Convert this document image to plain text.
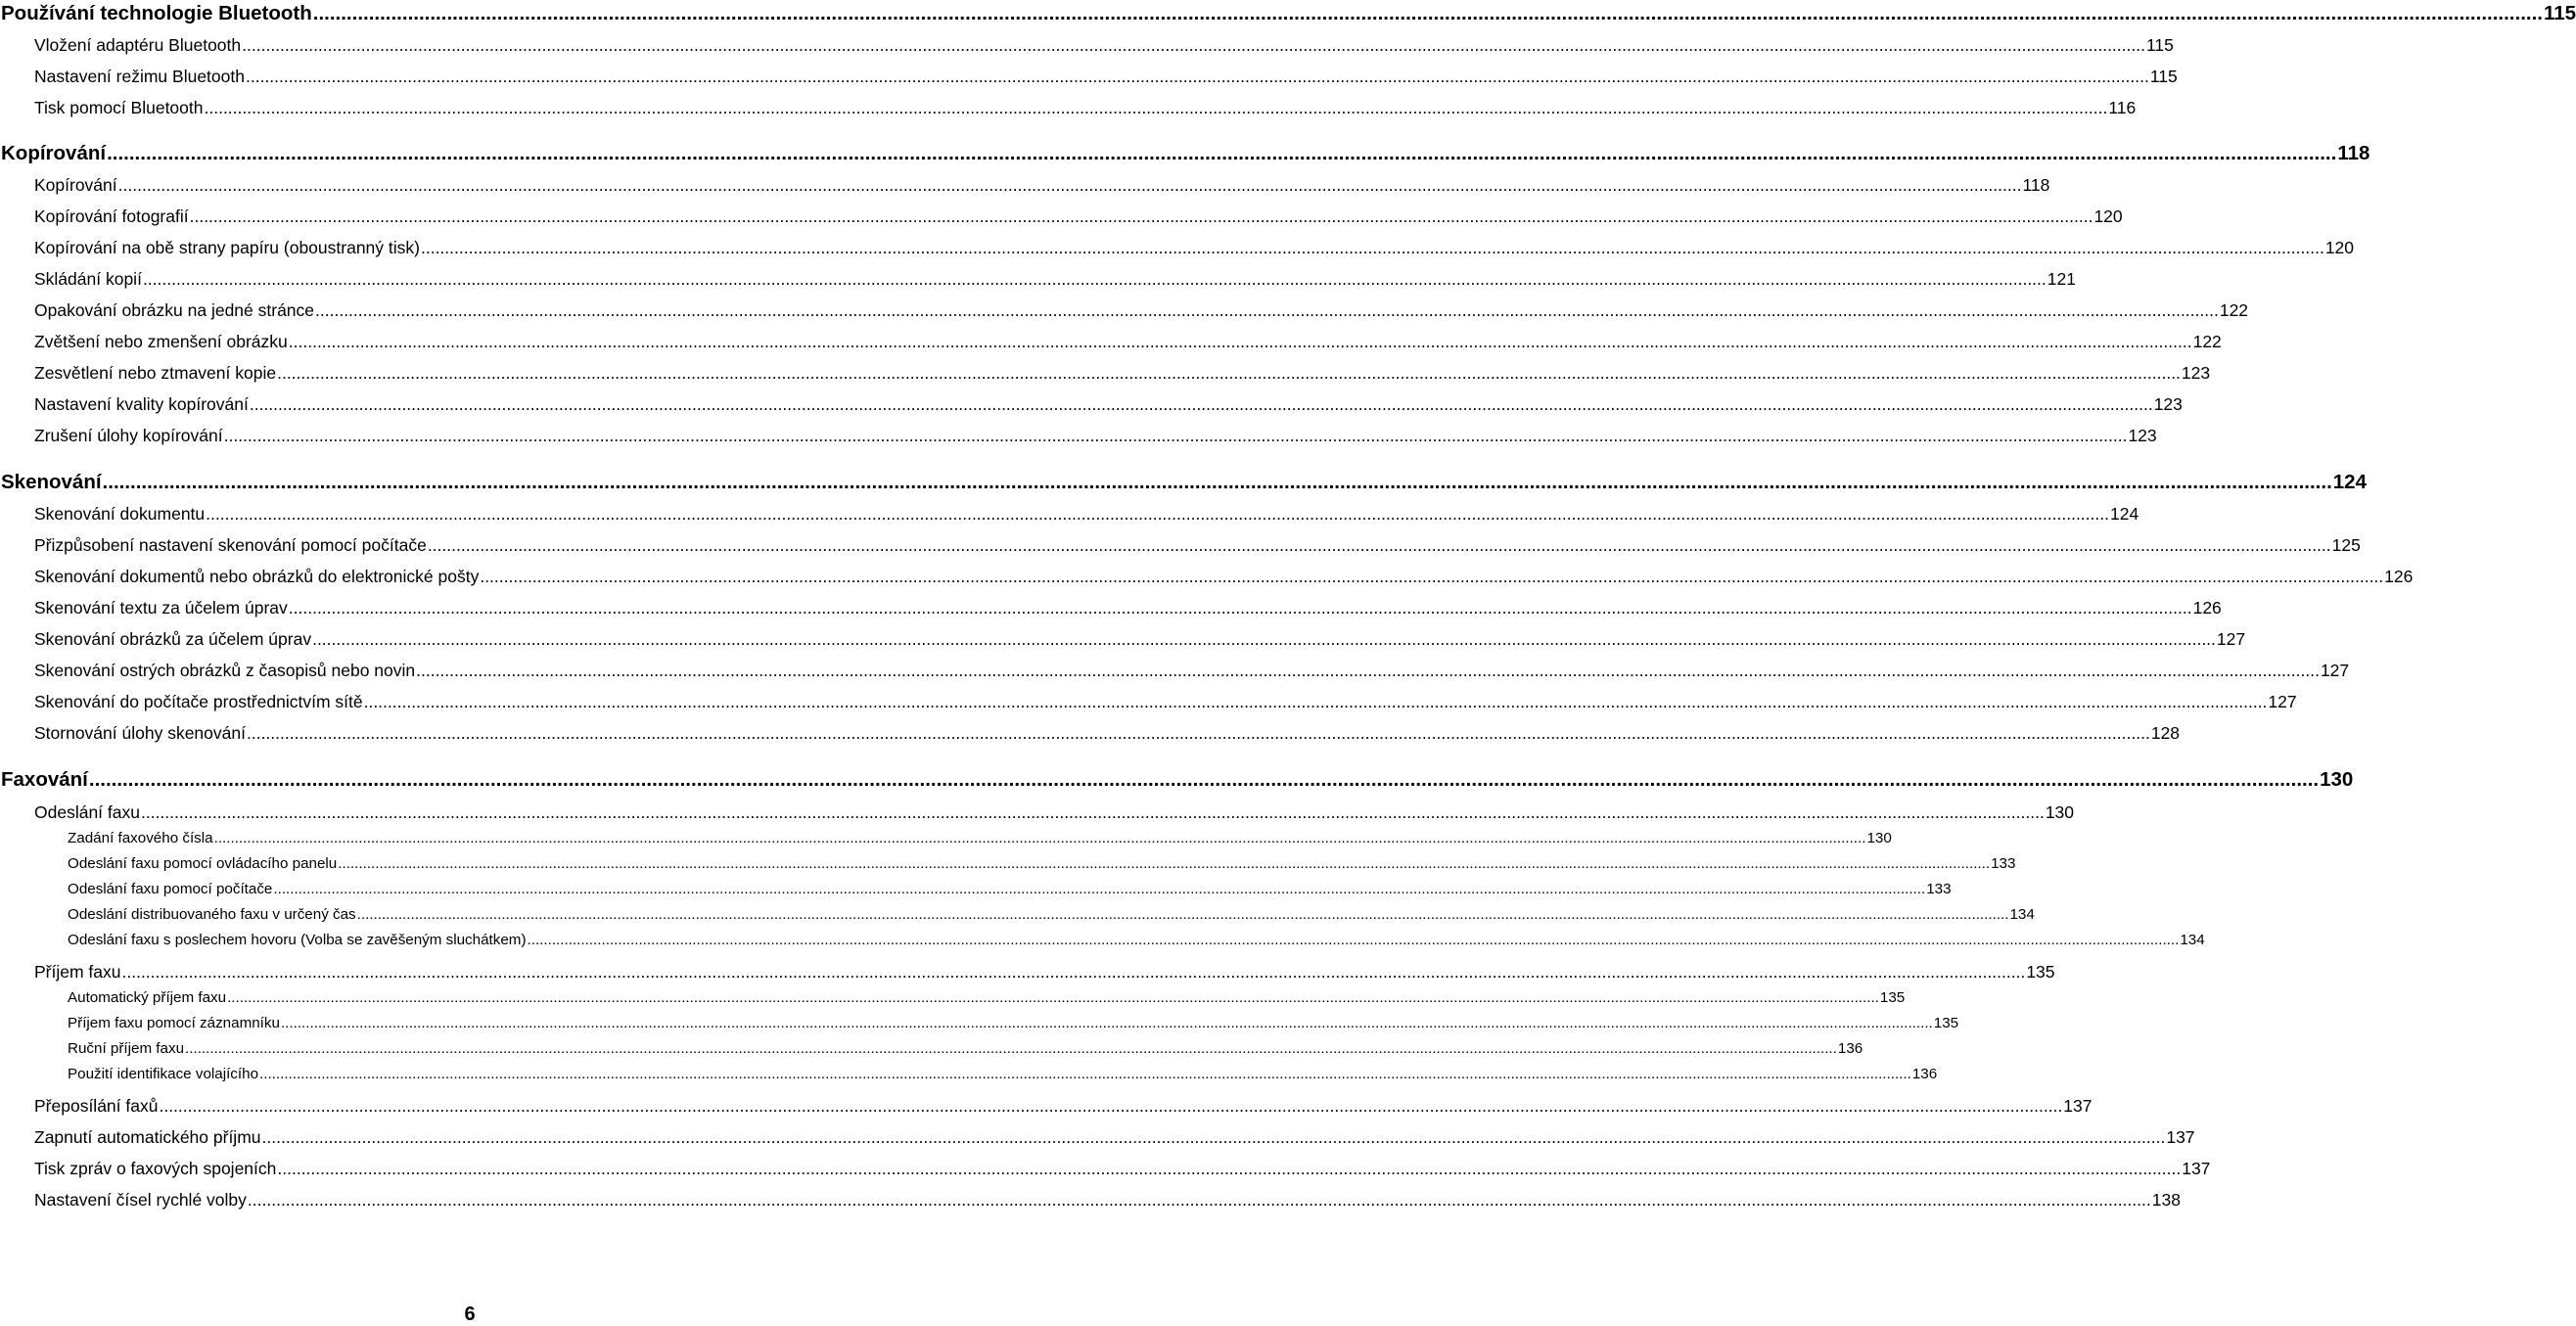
Používání technologie Bluetooth ................................................................................................................................................................................................................................................................................................................................................................................................................ 115
Vložení adaptéru Bluetooth ................................................................................................................................................................................................................................................................................................................................................................................................................ 115
Nastavení režimu Bluetooth ................................................................................................................................................................................................................................................................................................................................................................................................................ 115
Tisk pomocí Bluetooth ................................................................................................................................................................................................................................................................................................................................................................................................................ 116
Kopírování ................................................................................................................................................................................................................................................................................................................................................................................................................ 118
Kopírování ................................................................................................................................................................................................................................................................................................................................................................................................................ 118
Kopírování fotografií ................................................................................................................................................................................................................................................................................................................................................................................................................ 120
Kopírování na obě strany papíru (oboustranný tisk) ................................................................................................................................................................................................................................................................................................................................................................................................................ 120
Skládání kopií ................................................................................................................................................................................................................................................................................................................................................................................................................ 121
Opakování obrázku na jedné stránce ................................................................................................................................................................................................................................................................................................................................................................................................................ 122
Zvětšení nebo zmenšení obrázku ................................................................................................................................................................................................................................................................................................................................................................................................................ 122
Zesvětlení nebo ztmavení kopie ................................................................................................................................................................................................................................................................................................................................................................................................................ 123
Nastavení kvality kopírování ................................................................................................................................................................................................................................................................................................................................................................................................................ 123
Zrušení úlohy kopírování ................................................................................................................................................................................................................................................................................................................................................................................................................ 123
Skenování ................................................................................................................................................................................................................................................................................................................................................................................................................ 124
Skenování dokumentu ................................................................................................................................................................................................................................................................................................................................................................................................................ 124
Přizpůsobení nastavení skenování pomocí počítače ................................................................................................................................................................................................................................................................................................................................................................................................................ 125
Skenování dokumentů nebo obrázků do elektronické pošty ................................................................................................................................................................................................................................................................................................................................................................................................................ 126
Skenování textu za účelem úprav ................................................................................................................................................................................................................................................................................................................................................................................................................ 126
Skenování obrázků za účelem úprav ................................................................................................................................................................................................................................................................................................................................................................................................................ 127
Skenování ostrých obrázků z časopisů nebo novin ................................................................................................................................................................................................................................................................................................................................................................................................................ 127
Skenování do počítače prostřednictvím sítě ................................................................................................................................................................................................................................................................................................................................................................................................................ 127
Stornování úlohy skenování ................................................................................................................................................................................................................................................................................................................................................................................................................ 128
Faxování ................................................................................................................................................................................................................................................................................................................................................................................................................ 130
Odeslání faxu ................................................................................................................................................................................................................................................................................................................................................................................................................ 130
Zadání faxového čísla ................................................................................................................................................................................................................................................................................................................................................................................................................ 130
Odeslání faxu pomocí ovládacího panelu ................................................................................................................................................................................................................................................................................................................................................................................................................ 133
Odeslání faxu pomocí počítače ................................................................................................................................................................................................................................................................................................................................................................................................................ 133
Odeslání distribuovaného faxu v určený čas ................................................................................................................................................................................................................................................................................................................................................................................................................ 134
Odeslání faxu s poslechem hovoru (Volba se zavěšeným sluchátkem) ................................................................................................................................................................................................................................................................................................................................................................................................................ 134
Příjem faxu ................................................................................................................................................................................................................................................................................................................................................................................................................ 135
Automatický příjem faxu ................................................................................................................................................................................................................................................................................................................................................................................................................ 135
Příjem faxu pomocí záznamníku ................................................................................................................................................................................................................................................................................................................................................................................................................ 135
Ruční příjem faxu ................................................................................................................................................................................................................................................................................................................................................................................................................ 136
Použití identifikace volajícího ................................................................................................................................................................................................................................................................................................................................................................................................................ 136
Přeposílání faxů ................................................................................................................................................................................................................................................................................................................................................................................................................ 137
Zapnutí automatického příjmu ................................................................................................................................................................................................................................................................................................................................................................................................................ 137
Tisk zpráv o faxových spojeních ................................................................................................................................................................................................................................................................................................................................................................................................................ 137
Nastavení čísel rychlé volby ................................................................................................................................................................................................................................................................................................................................................................................................................ 138
6
